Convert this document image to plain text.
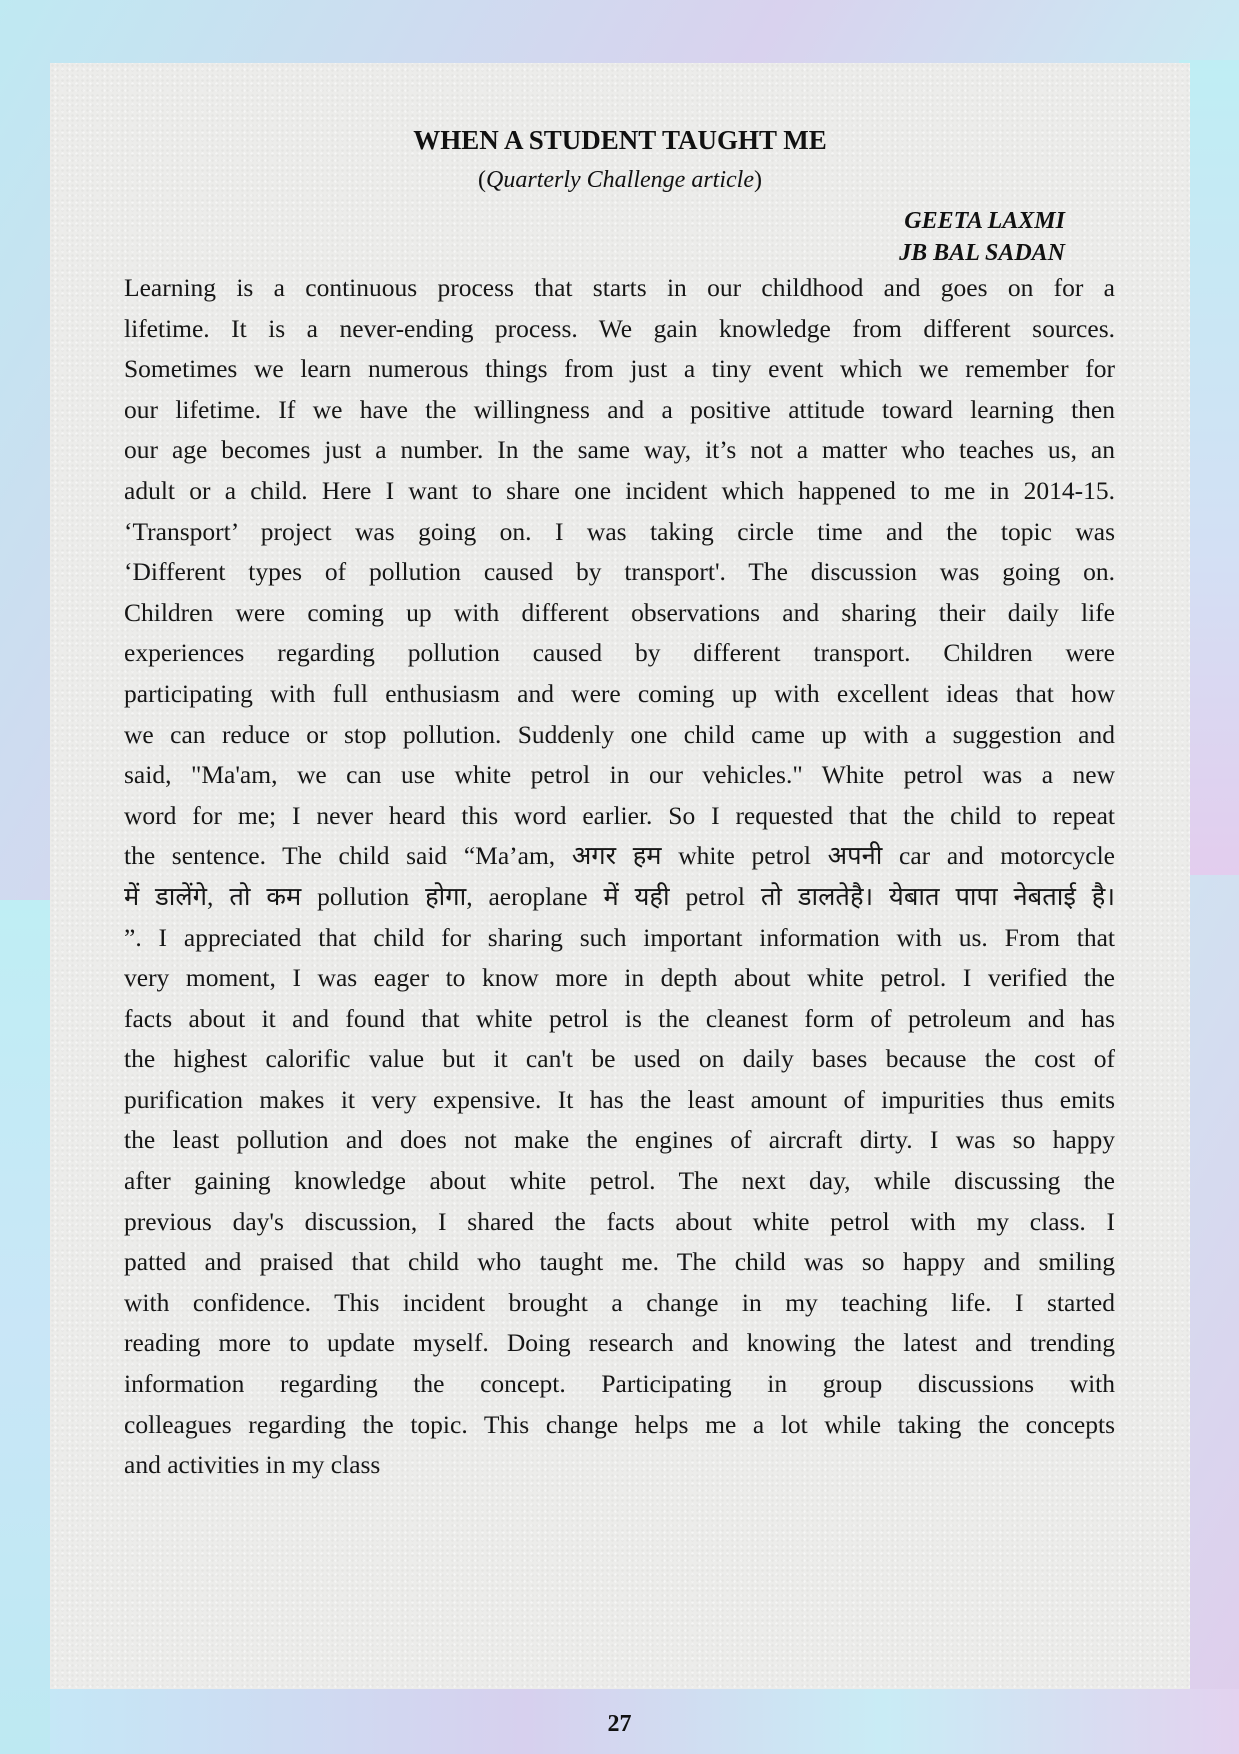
WHEN A STUDENT TAUGHT ME
(Quarterly Challenge article)
GEETA LAXMI
JB BAL SADAN
Learning is a continuous process that starts in our childhood and goes on for a
lifetime. It is a never-ending process. We gain knowledge from different sources.
Sometimes we learn numerous things from just a tiny event which we remember for
our lifetime. If we have the willingness and a positive attitude toward learning then
our age becomes just a number. In the same way, it’s not a matter who teaches us, an
adult or a child. Here I want to share one incident which happened to me in 2014-15.
‘Transport’ project was going on. I was taking circle time and the topic was
‘Different types of pollution caused by transport'. The discussion was going on.
Children were coming up with different observations and sharing their daily life
experiences regarding pollution caused by different transport. Children were
participating with full enthusiasm and were coming up with excellent ideas that how
we can reduce or stop pollution. Suddenly one child came up with a suggestion and
said, "Ma'am, we can use white petrol in our vehicles." White petrol was a new
word for me; I never heard this word earlier. So I requested that the child to repeat
the sentence. The child said “Ma’am, अगर हम white petrol अपनी car and motorcycle
में डालेंगे, तो कम pollution होगा, aeroplane में यही petrol तो डालतेहै। येबात पापा नेबताई है।
”. I appreciated that child for sharing such important information with us. From that
very moment, I was eager to know more in depth about white petrol. I verified the
facts about it and found that white petrol is the cleanest form of petroleum and has
the highest calorific value but it can't be used on daily bases because the cost of
purification makes it very expensive. It has the least amount of impurities thus emits
the least pollution and does not make the engines of aircraft dirty. I was so happy
after gaining knowledge about white petrol. The next day, while discussing the
previous day's discussion, I shared the facts about white petrol with my class. I
patted and praised that child who taught me. The child was so happy and smiling
with confidence. This incident brought a change in my teaching life. I started
reading more to update myself. Doing research and knowing the latest and trending
information regarding the concept. Participating in group discussions with
colleagues regarding the topic. This change helps me a lot while taking the concepts
and activities in my class
27
